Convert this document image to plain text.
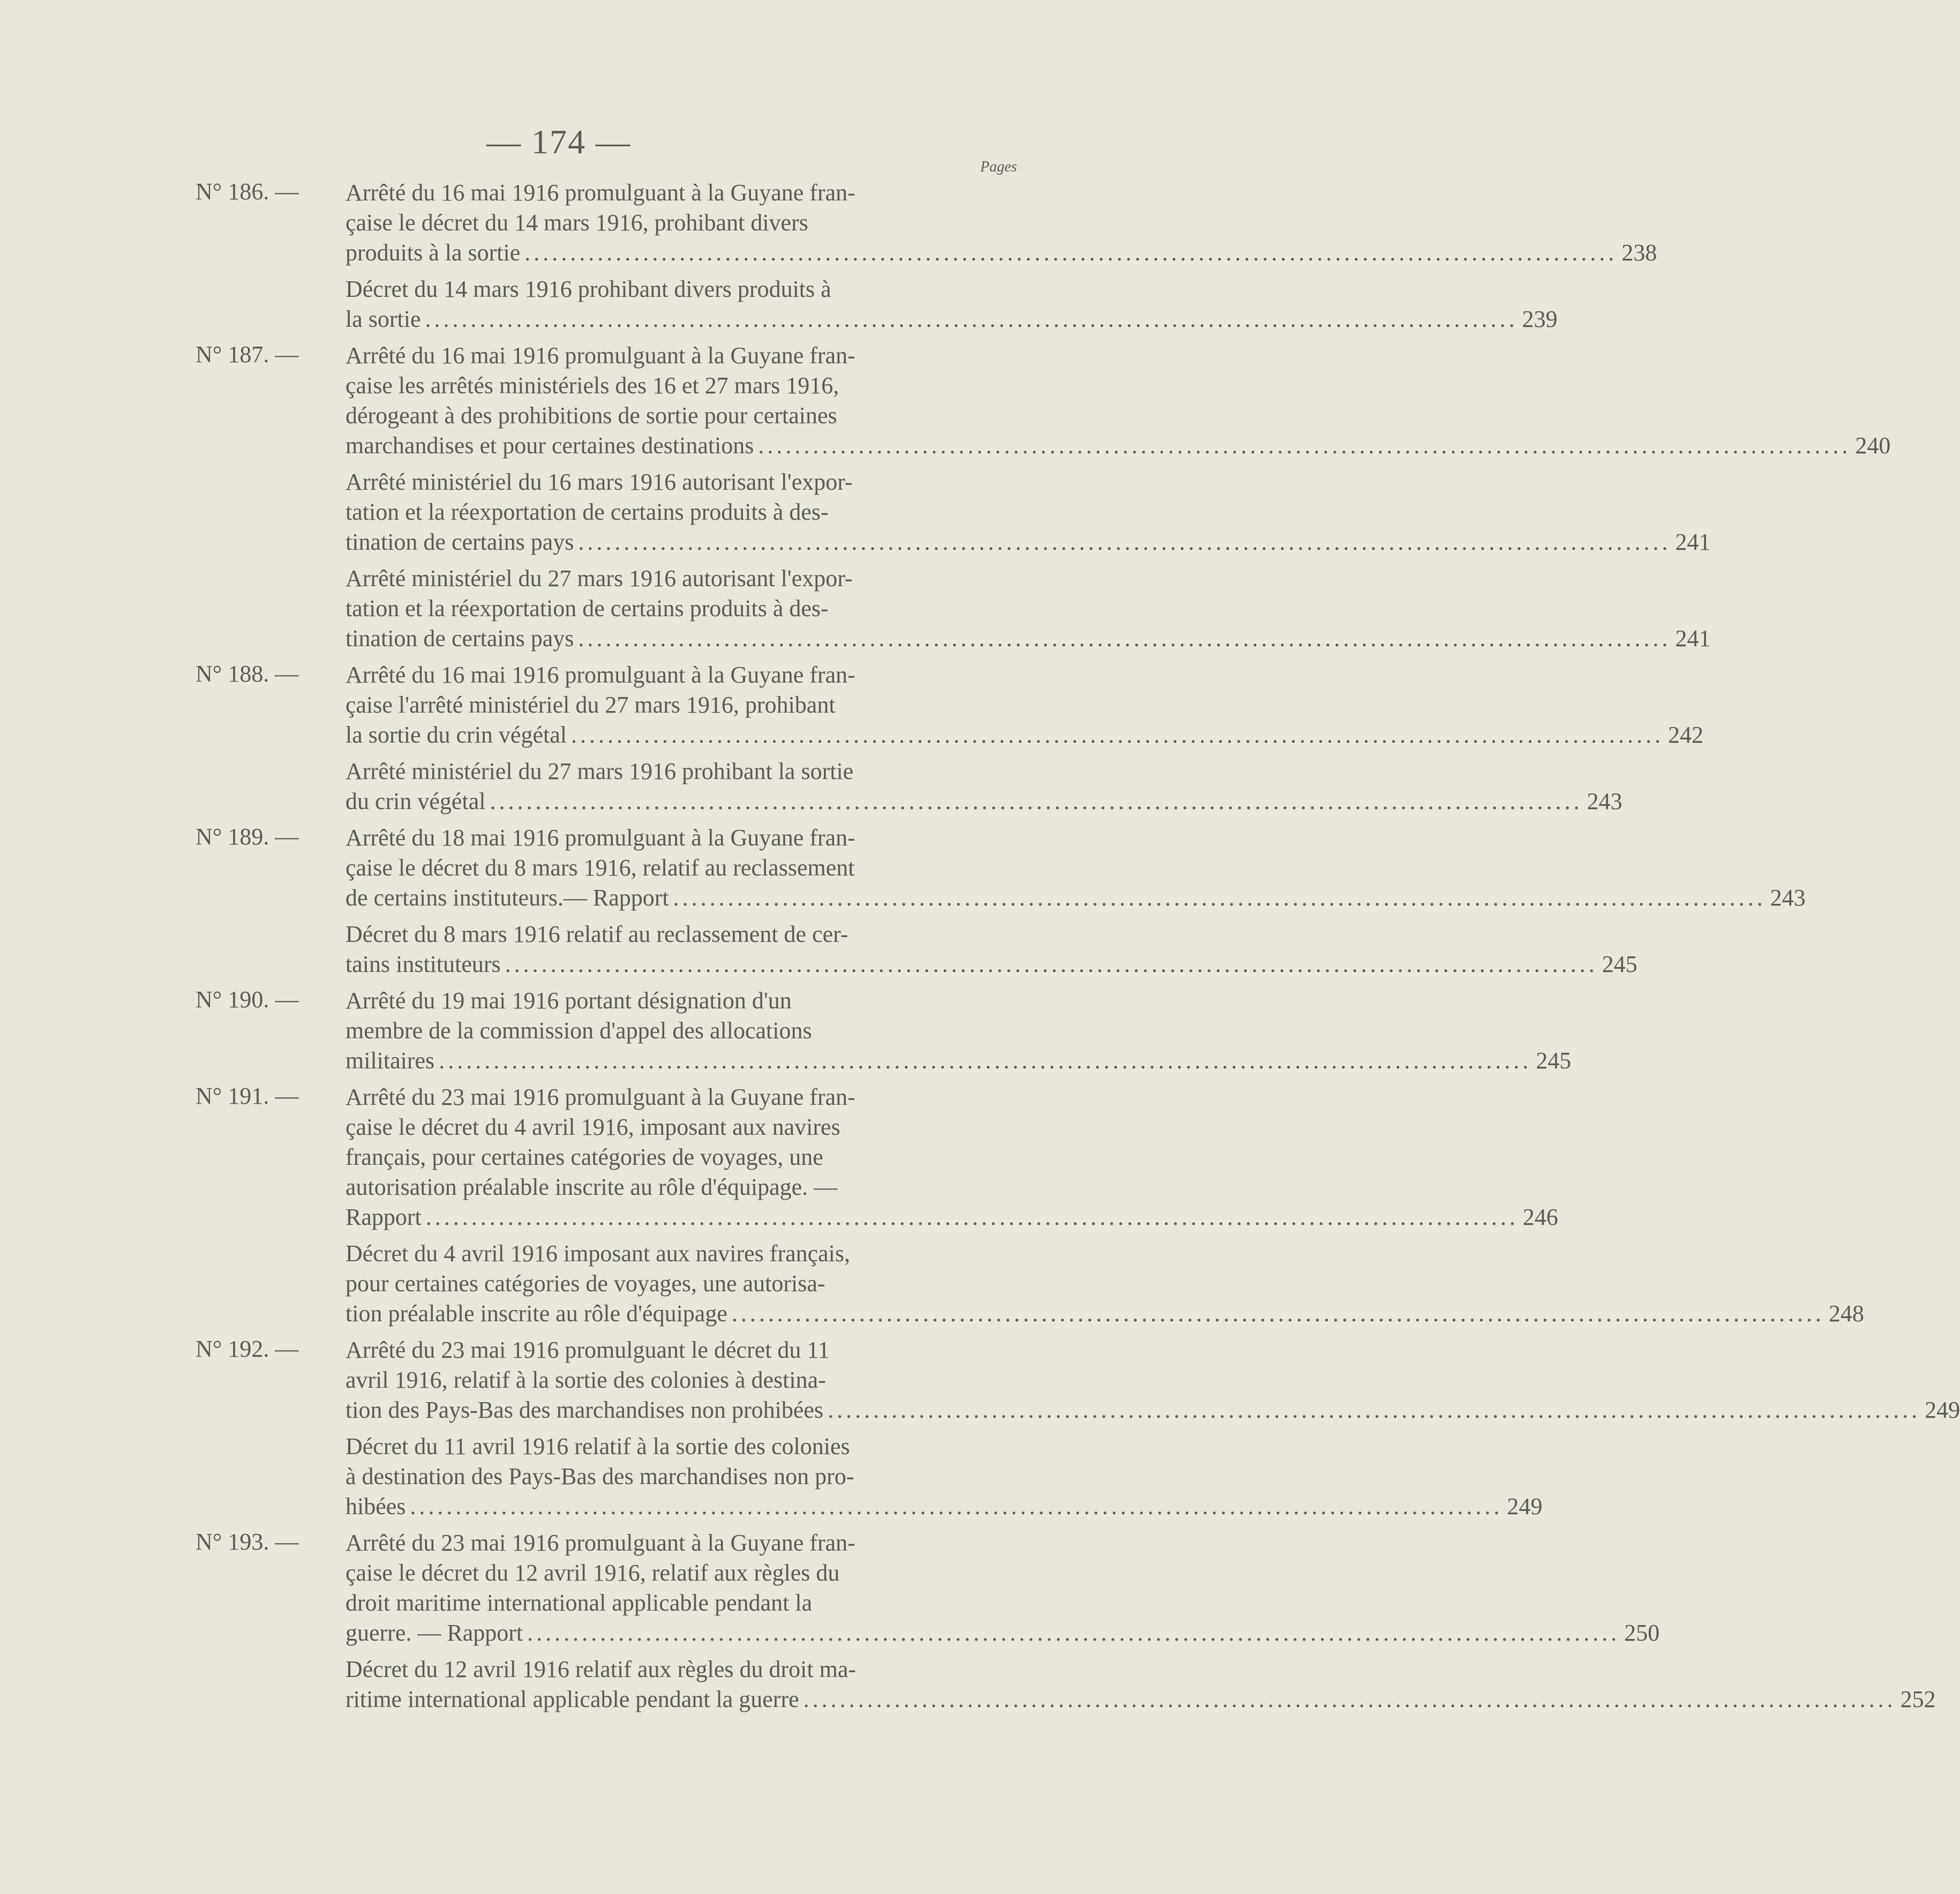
— 174 —
Pages
N° 186. — Arrêté du 16 mai 1916 promulguant à la Guyane fran-
çaise le décret du 14 mars 1916, prohibant divers
produits à la sortie ........................................................................................................................ 238
Décret du 14 mars 1916 prohibant divers produits à
la sortie ........................................................................................................................ 239
N° 187. — Arrêté du 16 mai 1916 promulguant à la Guyane fran-
çaise les arrêtés ministériels des 16 et 27 mars 1916,
dérogeant à des prohibitions de sortie pour certaines
marchandises et pour certaines destinations ........................................................................................................................ 240
Arrêté ministériel du 16 mars 1916 autorisant l'expor-
tation et la réexportation de certains produits à des-
tination de certains pays ........................................................................................................................ 241
Arrêté ministériel du 27 mars 1916 autorisant l'expor-
tation et la réexportation de certains produits à des-
tination de certains pays ........................................................................................................................ 241
N° 188. — Arrêté du 16 mai 1916 promulguant à la Guyane fran-
çaise l'arrêté ministériel du 27 mars 1916, prohibant
la sortie du crin végétal ........................................................................................................................ 242
Arrêté ministériel du 27 mars 1916 prohibant la sortie
du crin végétal ........................................................................................................................ 243
N° 189. — Arrêté du 18 mai 1916 promulguant à la Guyane fran-
çaise le décret du 8 mars 1916, relatif au reclassement
de certains instituteurs.— Rapport ........................................................................................................................ 243
Décret du 8 mars 1916 relatif au reclassement de cer-
tains instituteurs ........................................................................................................................ 245
N° 190. — Arrêté du 19 mai 1916 portant désignation d'un
membre de la commission d'appel des allocations
militaires ........................................................................................................................ 245
N° 191. — Arrêté du 23 mai 1916 promulguant à la Guyane fran-
çaise le décret du 4 avril 1916, imposant aux navires
français, pour certaines catégories de voyages, une
autorisation préalable inscrite au rôle d'équipage. —
Rapport ........................................................................................................................ 246
Décret du 4 avril 1916 imposant aux navires français,
pour certaines catégories de voyages, une autorisa-
tion préalable inscrite au rôle d'équipage ........................................................................................................................ 248
N° 192. — Arrêté du 23 mai 1916 promulguant le décret du 11
avril 1916, relatif à la sortie des colonies à destina-
tion des Pays-Bas des marchandises non prohibées ........................................................................................................................ 249
Décret du 11 avril 1916 relatif à la sortie des colonies
à destination des Pays-Bas des marchandises non pro-
hibées ........................................................................................................................ 249
N° 193. — Arrêté du 23 mai 1916 promulguant à la Guyane fran-
çaise le décret du 12 avril 1916, relatif aux règles du
droit maritime international applicable pendant la
guerre. — Rapport ........................................................................................................................ 250
Décret du 12 avril 1916 relatif aux règles du droit ma-
ritime international applicable pendant la guerre ........................................................................................................................ 252
